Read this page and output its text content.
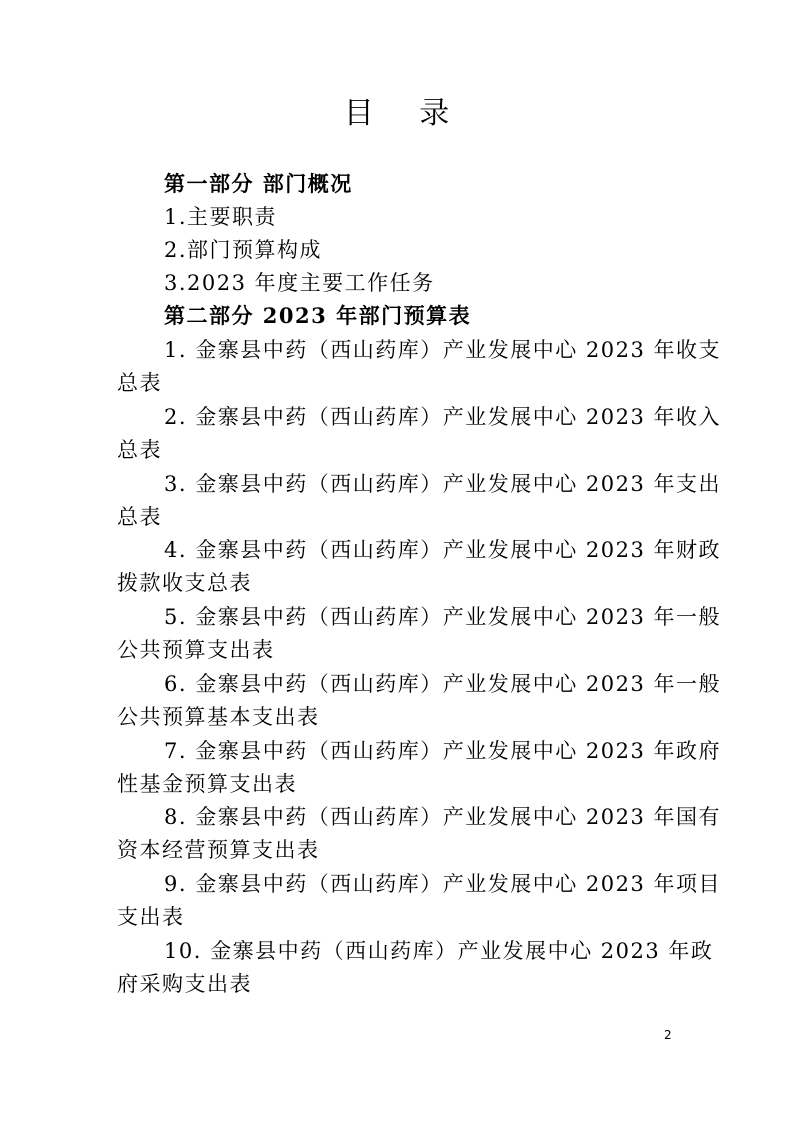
目 录
第一部分 部门概况
1.主要职责
2.部门预算构成
3.2023 年度主要工作任务
第二部分 2023 年部门预算表
1. 金寨县中药（西山药库）产业发展中心 2023 年收支
总表
2. 金寨县中药（西山药库）产业发展中心 2023 年收入
总表
3. 金寨县中药（西山药库）产业发展中心 2023 年支出
总表
4. 金寨县中药（西山药库）产业发展中心 2023 年财政
拨款收支总表
5. 金寨县中药（西山药库）产业发展中心 2023 年一般
公共预算支出表
6. 金寨县中药（西山药库）产业发展中心 2023 年一般
公共预算基本支出表
7. 金寨县中药（西山药库）产业发展中心 2023 年政府
性基金预算支出表
8. 金寨县中药（西山药库）产业发展中心 2023 年国有
资本经营预算支出表
9. 金寨县中药（西山药库）产业发展中心 2023 年项目
支出表
10. 金寨县中药（西山药库）产业发展中心 2023 年政
府采购支出表
2
